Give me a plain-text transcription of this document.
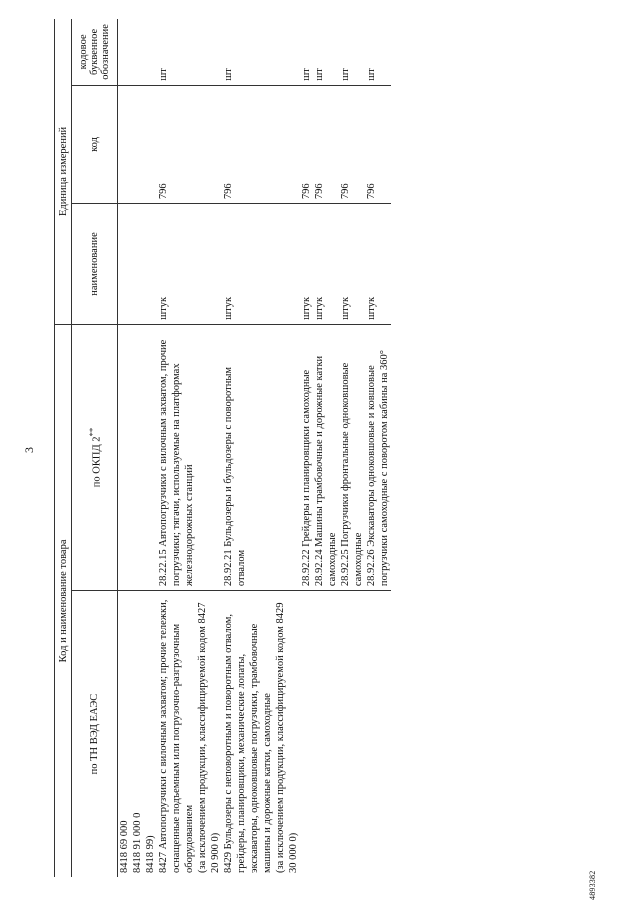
3
4893382
Код и наименование товара		Единица измерений		
по ТН ВЭД ЕАЭС	по ОКПД 2**	наименование	код	кодовое буквенное обозначение
8418 69 000
8418 91 000 0
8418 99)				
8427 Автопогрузчики с вилочным захватом; прочие тележки, оснащенные подъемным или погрузочно-разгрузочным оборудованием
(за исключением продукции, классифицируемой кодом 8427 20 900 0)	28.22.15 Автопогрузчики с вилочным захватом, прочие погрузчики; тягачи, используемые на платформах железнодорожных станций	штук	796	шт
8429 Бульдозеры с неповоротным и поворотным отвалом, грейдеры, планировщики, механические лопаты, экскаваторы, одноковшовые погрузчики, трамбовочные машины и дорожные катки, самоходные
(за исключением продукции, классифицируемой кодом 8429 30 000 0)	28.92.21 Бульдозеры и бульдозеры с поворотным отвалом	штук	796	шт
	28.92.22 Грейдеры и планировщики самоходные	штук	796	шт
	28.92.24 Машины трамбовочные и дорожные катки самоходные	штук	796	шт
	28.92.25 Погрузчики фронтальные одноковшовые самоходные	штук	796	шт
	28.92.26 Экскаваторы одноковшовые и ковшовые погрузчики самоходные с поворотом кабины на 360°	штук	796	шт
